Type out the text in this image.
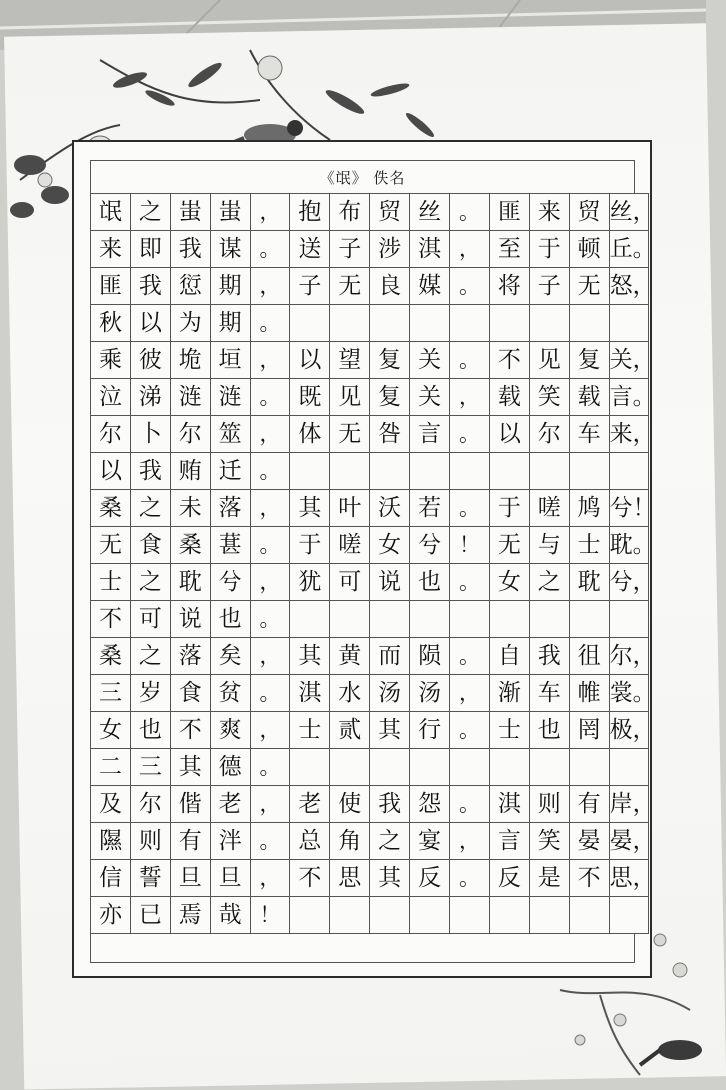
《氓》 佚名
氓	之	蚩	蚩	，	抱	布	贸	丝	。	匪	来	贸	丝，
来	即	我	谋	。	送	子	涉	淇	，	至	于	顿	丘。
匪	我	愆	期	，	子	无	良	媒	。	将	子	无	怒，
秋	以	为	期	。									
乘	彼	垝	垣	，	以	望	复	关	。	不	见	复	关，
泣	涕	涟	涟	。	既	见	复	关	，	载	笑	载	言。
尔	卜	尔	筮	，	体	无	咎	言	。	以	尔	车	来，
以	我	贿	迁	。									
桑	之	未	落	，	其	叶	沃	若	。	于	嗟	鸠	兮！
无	食	桑	葚	。	于	嗟	女	兮	！	无	与	士	耽。
士	之	耽	兮	，	犹	可	说	也	。	女	之	耽	兮，
不	可	说	也	。									
桑	之	落	矣	，	其	黄	而	陨	。	自	我	徂	尔，
三	岁	食	贫	。	淇	水	汤	汤	，	渐	车	帷	裳。
女	也	不	爽	，	士	贰	其	行	。	士	也	罔	极，
二	三	其	德	。									
及	尔	偕	老	，	老	使	我	怨	。	淇	则	有	岸，
隰	则	有	泮	。	总	角	之	宴	，	言	笑	晏	晏，
信	誓	旦	旦	，	不	思	其	反	。	反	是	不	思，
亦	已	焉	哉	！									
